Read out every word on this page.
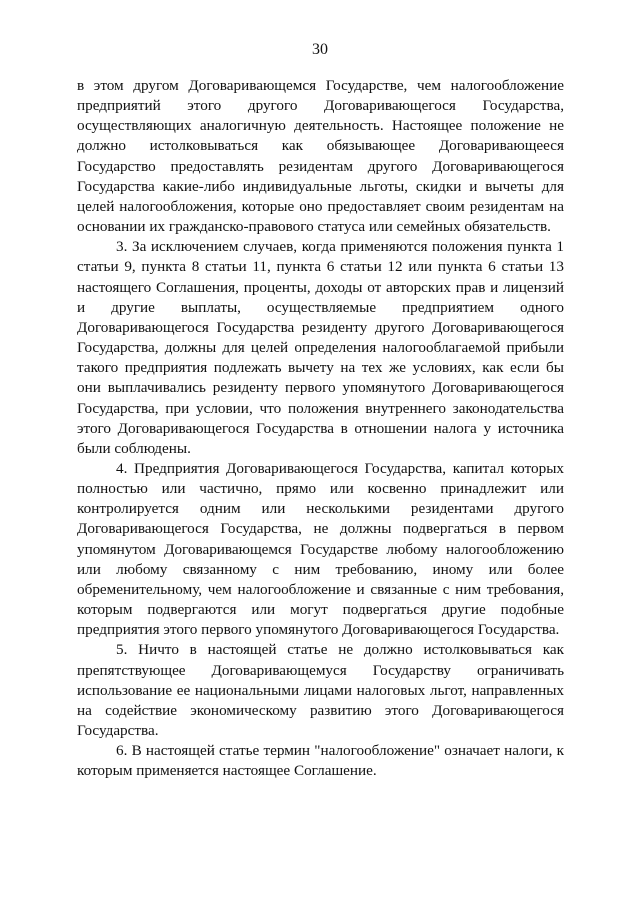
30

в этом другом Договаривающемся Государстве, чем налогообложение предприятий этого другого Договаривающегося Государства, осуществляющих аналогичную деятельность. Настоящее положение не должно истолковываться как обязывающее Договаривающееся Государство предоставлять резидентам другого Договаривающегося Государства какие-либо индивидуальные льготы, скидки и вычеты для целей налогообложения, которые оно предоставляет своим резидентам на основании их гражданско-правового статуса или семейных обязательств.

3. За исключением случаев, когда применяются положения пункта 1 статьи 9, пункта 8 статьи 11, пункта 6 статьи 12 или пункта 6 статьи 13 настоящего Соглашения, проценты, доходы от авторских прав и лицензий и другие выплаты, осуществляемые предприятием одного Договаривающегося Государства резиденту другого Договаривающегося Государства, должны для целей определения налогооблагаемой прибыли такого предприятия подлежать вычету на тех же условиях, как если бы они выплачивались резиденту первого упомянутого Договаривающегося Государства, при условии, что положения внутреннего законодательства этого Договаривающегося Государства в отношении налога у источника были соблюдены.

4. Предприятия Договаривающегося Государства, капитал которых полностью или частично, прямо или косвенно принадлежит или контролируется одним или несколькими резидентами другого Договаривающегося Государства, не должны подвергаться в первом упомянутом Договаривающемся Государстве любому налогообложению или любому связанному с ним требованию, иному или более обременительному, чем налогообложение и связанные с ним требования, которым подвергаются или могут подвергаться другие подобные предприятия этого первого упомянутого Договаривающегося Государства.

5. Ничто в настоящей статье не должно истолковываться как препятствующее Договаривающемуся Государству ограничивать использование ее национальными лицами налоговых льгот, направленных на содействие экономическому развитию этого Договаривающегося Государства.

6. В настоящей статье термин "налогообложение" означает налоги, к которым применяется настоящее Соглашение.
